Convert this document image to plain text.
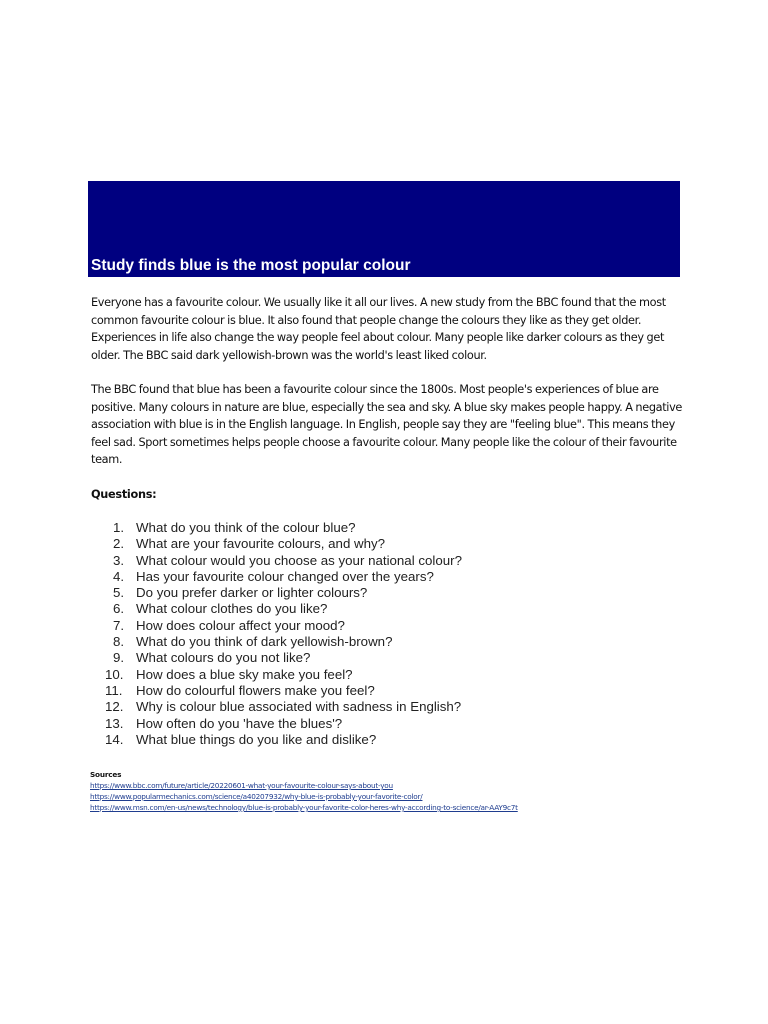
Study finds blue is the most popular colour

Everyone has a favourite colour. We usually like it all our lives. A new study from the BBC found that the most common favourite colour is blue. It also found that people change the colours they like as they get older. Experiences in life also change the way people feel about colour. Many people like darker colours as they get older. The BBC said dark yellowish-brown was the world's least liked colour.

The BBC found that blue has been a favourite colour since the 1800s. Most people's experiences of blue are positive. Many colours in nature are blue, especially the sea and sky. A blue sky makes people happy. A negative association with blue is in the English language. In English, people say they are "feeling blue". This means they feel sad. Sport sometimes helps people choose a favourite colour. Many people like the colour of their favourite team.

Questions:

1. What do you think of the colour blue?
2. What are your favourite colours, and why?
3. What colour would you choose as your national colour?
4. Has your favourite colour changed over the years?
5. Do you prefer darker or lighter colours?
6. What colour clothes do you like?
7. How does colour affect your mood?
8. What do you think of dark yellowish-brown?
9. What colours do you not like?
10. How does a blue sky make you feel?
11.	How do colourful flowers make you feel?
12. Why is colour blue associated with sadness in English?
13. How often do you 'have the blues'?
14. What blue things do you like and dislike?
Sources
https://www.bbc.com/future/article/20220601-what-your-favourite-colour-says-about-you
https://www.popularmechanics.com/science/a40207932/why-blue-is-probably-your-favorite-color/
https://www.msn.com/en-us/news/technology/blue-is-probably-your-favorite-color-heres-why-according-to-science/ar-AAY9c7t
